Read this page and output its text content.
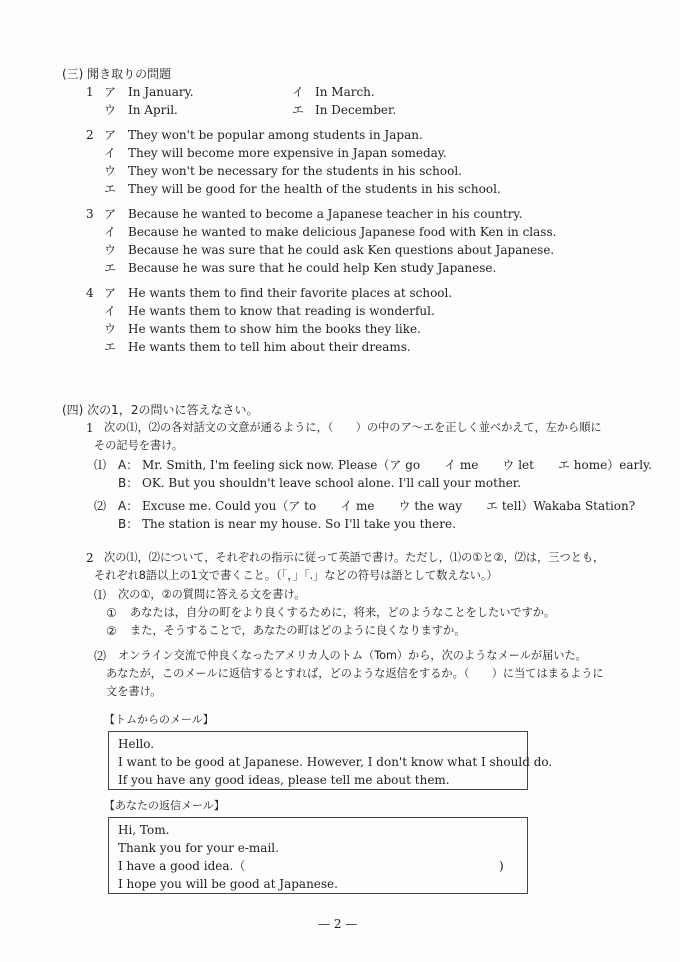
(三) 聞き取りの問題
1 ア In January.	イ In March.
ウ In April.	エ In December.
2 ア They won't be popular among students in Japan.
イ They will become more expensive in Japan someday.
ウ They won't be necessary for the students in his school.
エ They will be good for the health of the students in his school.
3 ア Because he wanted to become a Japanese teacher in his country.
イ Because he wanted to make delicious Japanese food with Ken in class.
ウ Because he was sure that he could ask Ken questions about Japanese.
エ Because he was sure that he could help Ken study Japanese.
4 ア He wants them to find their favorite places at school.
イ He wants them to know that reading is wonderful.
ウ He wants them to show him the books they like.
エ He wants them to tell him about their dreams.
(四) 次の1，2の問いに答えなさい。
1 次の⑴，⑵の各対話文の文意が通るように，（　　）の中のア～エを正しく並べかえて，左から順に
その記号を書け。
⑴ A： Mr. Smith, I'm feeling sick now. Please（ア go　　イ me　　ウ let　　エ home）early.
B： OK. But you shouldn't leave school alone. I'll call your mother.
⑵ A： Excuse me. Could you（ア to　　イ me　　ウ the way　　エ tell）Wakaba Station?
B： The station is near my house. So I'll take you there.
2 次の⑴，⑵について，それぞれの指示に従って英語で書け。ただし，⑴の①と②，⑵は，三つとも，
それぞれ8語以上の1文で書くこと。（「，」「.」などの符号は語として数えない。）
⑴ 次の①，②の質問に答える文を書け。
① あなたは，自分の町をより良くするために，将来，どのようなことをしたいですか。
② また，そうすることで，あなたの町はどのように良くなりますか。
⑵ オンライン交流で仲良くなったアメリカ人のトム（Tom）から，次のようなメールが届いた。
あなたが，このメールに返信するとすれば，どのような返信をするか。（　　）に当てはまるように
文を書け。
【トムからのメール】
Hello.
I want to be good at Japanese. However, I don't know what I should do.
If you have any good ideas, please tell me about them.
【あなたの返信メール】
Hi, Tom.
Thank you for your e-mail.
I have a good idea.（	)
I hope you will be good at Japanese.
— 2 —
